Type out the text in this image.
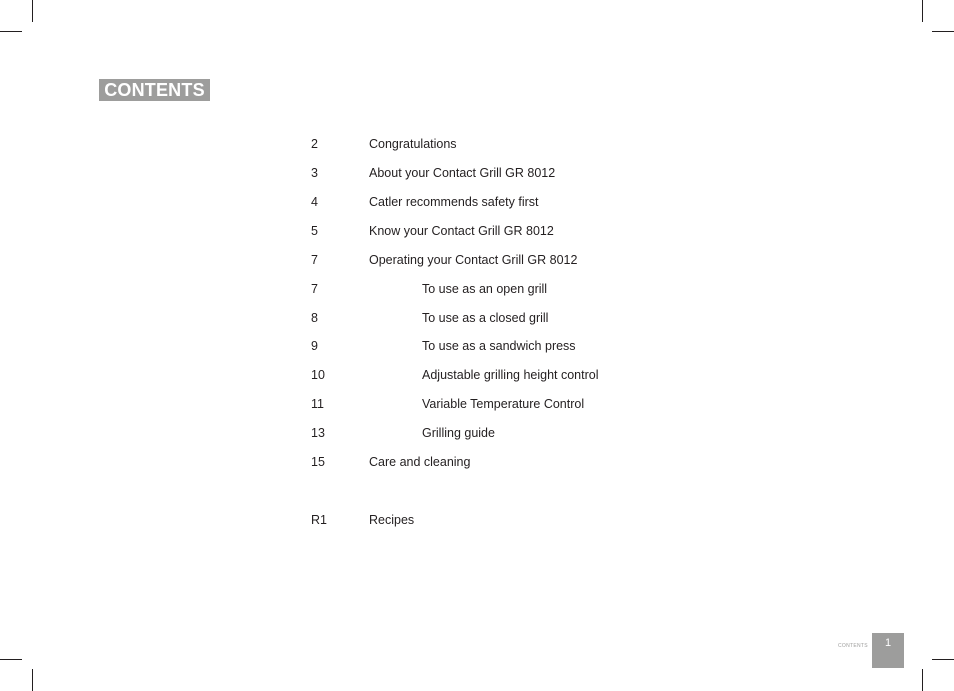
CONTENTS
2	Congratulations
3	About your Contact Grill GR 8012
4	Catler recommends safety first
5	Know your Contact Grill GR 8012
7	Operating your Contact Grill GR 8012
7	To use as an open grill
8	To use as a closed grill
9	To use as a sandwich press
10	Adjustable grilling height control
11	Variable Temperature Control
13	Grilling guide
15	Care and cleaning
R1	Recipes
CONTENTS	1
